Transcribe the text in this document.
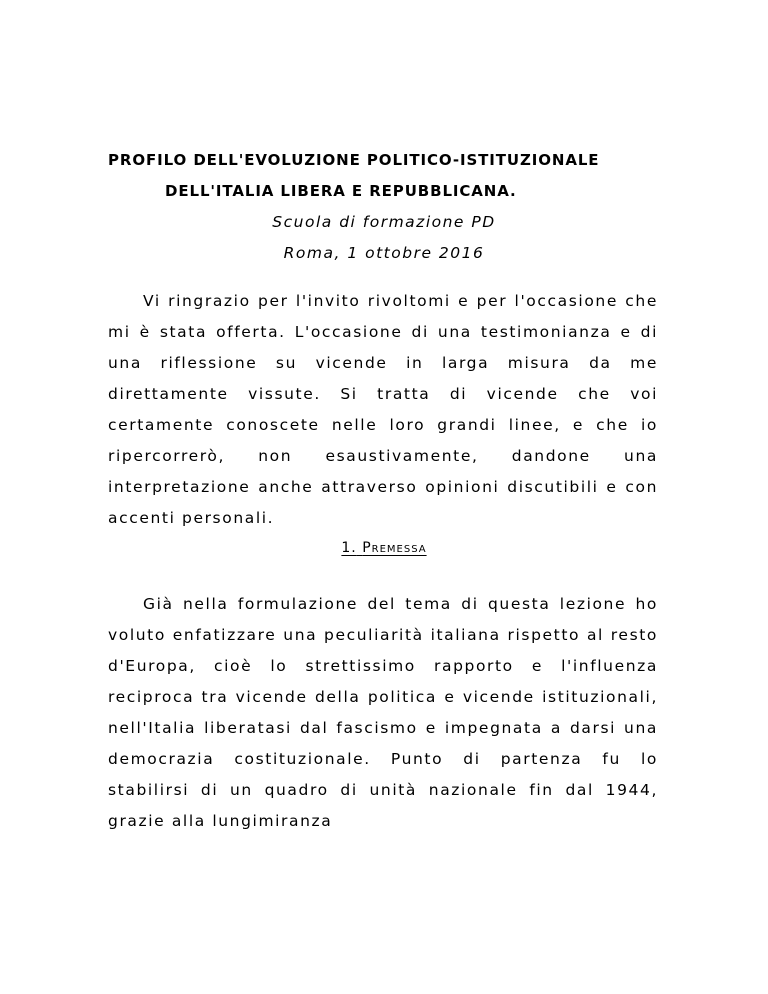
PROFILO DELL'EVOLUZIONE POLITICO-ISTITUZIONALE
DELL'ITALIA LIBERA E REPUBBLICANA.
Scuola di formazione PD
Roma, 1 ottobre 2016

Vi ringrazio per l'invito rivoltomi e per l'occasione che mi è stata offerta. L'occasione di una testimonianza e di una riflessione su vicende in larga misura da me direttamente vissute. Si tratta di vicende che voi certamente conoscete nelle loro grandi linee, e che io ripercorrerò, non esaustivamente, dandone una interpretazione anche attraverso opinioni discutibili e con accenti personali.

1. Premessa

Già nella formulazione del tema di questa lezione ho voluto enfatizzare una peculiarità italiana rispetto al resto d'Europa, cioè lo strettissimo rapporto e l'influenza reciproca tra vicende della politica e vicende istituzionali, nell'Italia liberatasi dal fascismo e impegnata a darsi una democrazia costituzionale. Punto di partenza fu lo stabilirsi di un quadro di unità nazionale fin dal 1944, grazie alla lungimiranza
